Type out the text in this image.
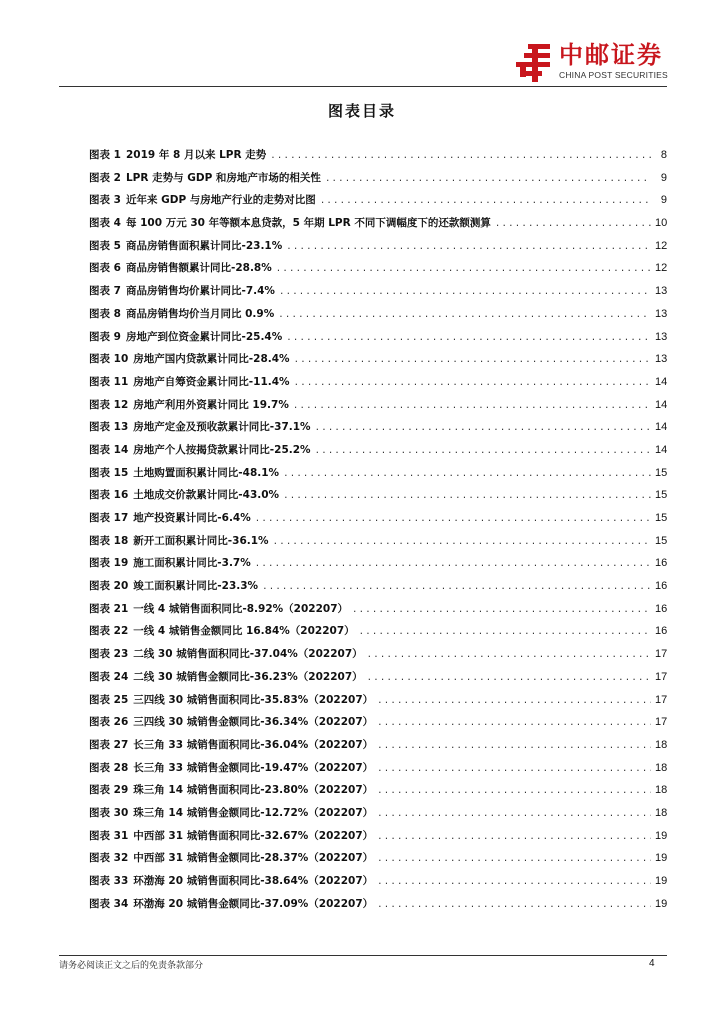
中邮证券
CHINA POST SECURITIES
图表目录
图表 1 2019 年 8 月以来 LPR 走势 .....	8
图表 2 LPR 走势与 GDP 和房地产市场的相关性 .....	9
图表 3 近年来 GDP 与房地产行业的走势对比图 .....	9
图表 4 每 100 万元 30 年等额本息贷款，5 年期 LPR 不同下调幅度下的还款额测算 .....	10
图表 5 商品房销售面积累计同比-23.1% .....	12
图表 6 商品房销售额累计同比-28.8% .....	12
图表 7 商品房销售均价累计同比-7.4% .....	13
图表 8 商品房销售均价当月同比 0.9% .....	13
图表 9 房地产到位资金累计同比-25.4% .....	13
图表 10 房地产国内贷款累计同比-28.4% .....	13
图表 11 房地产自筹资金累计同比-11.4% .....	14
图表 12 房地产利用外资累计同比 19.7% .....	14
图表 13 房地产定金及预收款累计同比-37.1% .....	14
图表 14 房地产个人按揭贷款累计同比-25.2% .....	14
图表 15 土地购置面积累计同比-48.1% .....	15
图表 16 土地成交价款累计同比-43.0% .....	15
图表 17 地产投资累计同比-6.4% .....	15
图表 18 新开工面积累计同比-36.1% .....	15
图表 19 施工面积累计同比-3.7% .....	16
图表 20 竣工面积累计同比-23.3% .....	16
图表 21 一线 4 城销售面积同比-8.92%（202207） .....	16
图表 22 一线 4 城销售金额同比 16.84%（202207） .....	16
图表 23 二线 30 城销售面积同比-37.04%（202207） .....	17
图表 24 二线 30 城销售金额同比-36.23%（202207） .....	17
图表 25 三四线 30 城销售面积同比-35.83%（202207） .....	17
图表 26 三四线 30 城销售金额同比-36.34%（202207） .....	17
图表 27 长三角 33 城销售面积同比-36.04%（202207） .....	18
图表 28 长三角 33 城销售金额同比-19.47%（202207） .....	18
图表 29 珠三角 14 城销售面积同比-23.80%（202207） .....	18
图表 30 珠三角 14 城销售金额同比-12.72%（202207） .....	18
图表 31 中西部 31 城销售面积同比-32.67%（202207） .....	19
图表 32 中西部 31 城销售金额同比-28.37%（202207） .....	19
图表 33 环渤海 20 城销售面积同比-38.64%（202207） .....	19
图表 34 环渤海 20 城销售金额同比-37.09%（202207） .....	19
请务必阅读正文之后的免责条款部分	4
